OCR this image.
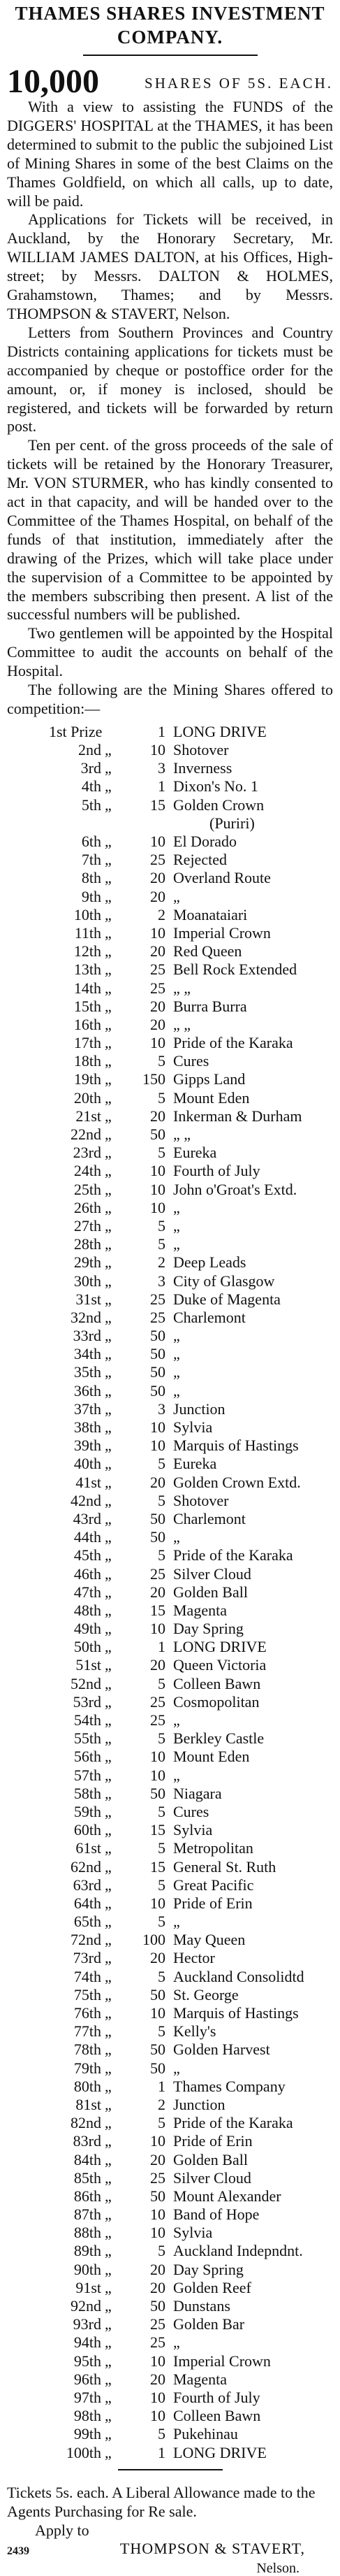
THAMES SHARES INVESTMENT
COMPANY.
10,000	SHARES OF 5S. EACH.

With a view to assisting the FUNDS of the DIGGERS' HOSPITAL at the THAMES, it has been determined to submit to the public the subjoined List of Mining Shares in some of the best Claims on the Thames Goldfield, on which all calls, up to date, will be paid.

Applications for Tickets will be received, in Auckland, by the Honorary Secretary, Mr. WILLIAM JAMES DALTON, at his Offices, High-street; by Messrs. DALTON & HOLMES, Grahamstown, Thames; and by Messrs. THOMPSON & STAVERT, Nelson.

Letters from Southern Provinces and Country Districts containing applications for tickets must be accompanied by cheque or postoffice order for the amount, or, if money is inclosed, should be registered, and tickets will be forwarded by return post.

Ten per cent. of the gross proceeds of the sale of tickets will be retained by the Honorary Treasurer, Mr. VON STURMER, who has kindly consented to act in that capacity, and will be handed over to the Committee of the Thames Hospital, on behalf of the funds of that institution, immediately after the drawing of the Prizes, which will take place under the supervision of a Committee to be appointed by the members subscribing then present. A list of the successful numbers will be published.

Two gentlemen will be appointed by the Hospital Committee to audit the accounts on behalf of the Hospital.

The following are the Mining Shares offered to competition:—

1st Prize	1 LONG DRIVE
2nd „	10 Shotover
3rd „	3 Inverness
4th „	1 Dixon's No. 1
5th „	15 Golden Crown
(Puriri)
6th „	10 El Dorado
7th „	25 Rejected
8th „	20 Overland Route
9th „	20 „
10th „	2 Moanataiari
11th „	10 Imperial Crown
12th „	20 Red Queen
13th „	25 Bell Rock Extended
14th „	25 „ „
15th „	20 Burra Burra
16th „	20 „ „
17th „	10 Pride of the Karaka
18th „	5 Cures
19th „	150 Gipps Land
20th „	5 Mount Eden
21st „	20 Inkerman & Durham
22nd „	50 „ „
23rd „	5 Eureka
24th „	10 Fourth of July
25th „	10 John o'Groat's Extd.
26th „	10 „
27th „	5 „
28th „	5 „
29th „	2 Deep Leads
30th „	3 City of Glasgow
31st „	25 Duke of Magenta
32nd „	25 Charlemont
33rd „	50 „
34th „	50 „
35th „	50 „
36th „	50 „
37th „	3 Junction
38th „	10 Sylvia
39th „	10 Marquis of Hastings
40th „	5 Eureka
41st „	20 Golden Crown Extd.
42nd „	5 Shotover
43rd „	50 Charlemont
44th „	50 „
45th „	5 Pride of the Karaka
46th „	25 Silver Cloud
47th „	20 Golden Ball
48th „	15 Magenta
49th „	10 Day Spring
50th „	1 LONG DRIVE
51st „	20 Queen Victoria
52nd „	5 Colleen Bawn
53rd „	25 Cosmopolitan
54th „	25 „
55th „	5 Berkley Castle
56th „	10 Mount Eden
57th „	10 „
58th „	50 Niagara
59th „	5 Cures
60th „	15 Sylvia
61st „	5 Metropolitan
62nd „	15 General St. Ruth
63rd „	5 Great Pacific
64th „	10 Pride of Erin
65th „	5 „
72nd „	100 May Queen
73rd „	20 Hector
74th „	5 Auckland Consolidtd
75th „	50 St. George
76th „	10 Marquis of Hastings
77th „	5 Kelly's
78th „	50 Golden Harvest
79th „	50 „
80th „	1 Thames Company
81st „	2 Junction
82nd „	5 Pride of the Karaka
83rd „	10 Pride of Erin
84th „	20 Golden Ball
85th „	25 Silver Cloud
86th „	50 Mount Alexander
87th „	10 Band of Hope
88th „	10 Sylvia
89th „	5 Auckland Indepndnt.
90th „	20 Day Spring
91st „	20 Golden Reef
92nd „	50 Dunstans
93rd „	25 Golden Bar
94th „	25 „
95th „	10 Imperial Crown
96th „	20 Magenta
97th „	10 Fourth of July
98th „	10 Colleen Bawn
99th „	5 Pukehinau
100th „	1 LONG DRIVE
Tickets 5s. each. A Liberal Allowance made to the Agents Purchasing for Re sale.
Apply to
2439	THOMPSON & STAVERT,
Nelson.
